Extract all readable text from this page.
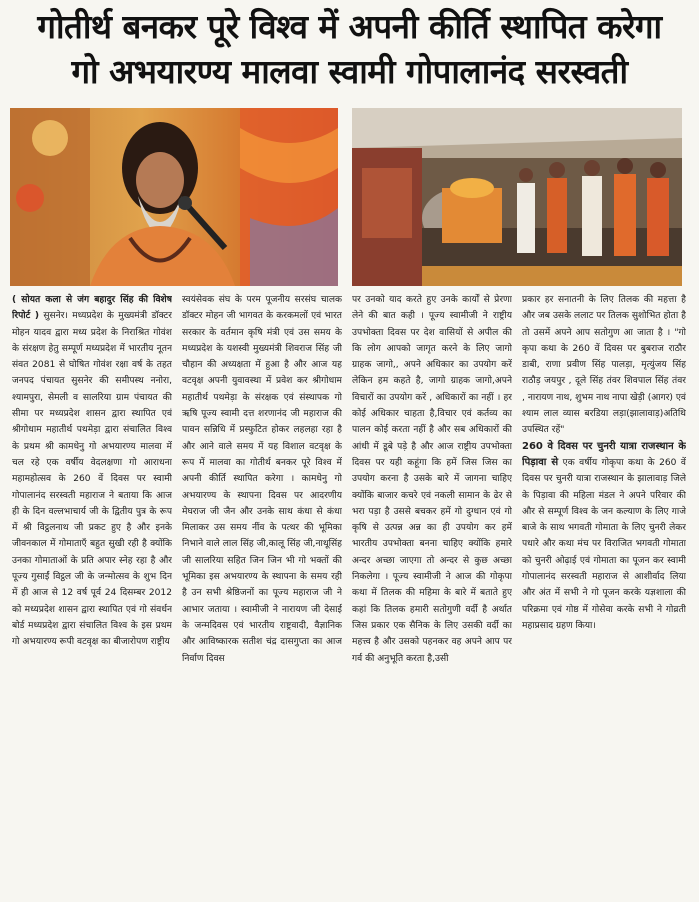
गोतीर्थ बनकर पूरे विश्व में अपनी कीर्ति स्थापित करेगा
गो अभयारण्य मालवा स्वामी गोपालानंद सरस्वती

( सोयत कला से जंग बहादुर सिंह की विशेष रिपोर्ट ) सुसनेर। मध्यप्रदेश के मुख्यमंत्री डॉक्टर मोहन यादव द्वारा मध्य प्रदेश के निराश्रित गोवंश के संरक्षण हेतु सम्पूर्ण मध्यप्रदेश में भारतीय नूतन संवत 2081 से घोषित गोवंश रक्षा वर्ष के तहत जनपद पंचायत सुसनेर की समीपस्थ ननोरा, श्यामपुरा, सेमली व सालरिया ग्राम पंचायत की सीमा पर मध्यप्रदेश शासन द्वारा स्थापित एवं श्रीगोधाम महातीर्थ पथमेड़ा द्वारा संचालित विश्व के प्रथम श्री कामधेनु गो अभयारण्य मालवा में चल रहे एक वर्षीय वेदलक्षणा गो आराधना महामहोत्सव के 260 वें दिवस पर स्वामी गोपालानंद सरस्वती महाराज ने बताया कि आज ही के दिन वल्लभाचार्य जी के द्वितीय पुत्र के रूप में श्री विट्ठलनाथ जी प्रकट हुए है और इनके जीवनकाल में गोमाताएँ बहुत सुखी रही है क्योंकि उनका गोमाताओं के प्रति अपार स्नेह रहा है और पूज्य गुसाईं विट्ठल जी के जन्मोत्सव के शुभ दिन में ही आज से 12 वर्ष पूर्व 24 दिसम्बर 2012 को मध्यप्रदेश शासन द्वारा स्थापित एवं गो संवर्धन बोर्ड मध्यप्रदेश द्वारा संचालित विश्व के इस प्रथम गो अभयारण्य रूपी वटवृक्ष का बीजारोपण राष्ट्रीय

स्वयंसेवक संघ के परम पूजनीय सरसंघ चालक डॉक्टर मोहन जी भागवत के करकमलों एवं भारत सरकार के वर्तमान कृषि मंत्री एवं उस समय के मध्यप्रदेश के यशस्वी मुख्यमंत्री शिवराज सिंह जी चौहान की अध्यक्षता में हुआ है और आज यह वटवृक्ष अपनी युवावस्था में प्रवेश कर श्रीगोधाम महातीर्थ पथमेड़ा के संरक्षक एवं संस्थापक गो ऋषि पूज्य स्वामी दत्त शरणानंद जी महाराज की पावन सन्निधि में प्रस्फुटित होकर लहलहा रहा है और आने वाले समय में यह विशाल वटवृक्ष के रूप में मालवा का गोतीर्थ बनकर पूरे विश्व में अपनी कीर्ति स्थापित करेगा । कामधेनु गो अभयारण्य के स्थापना दिवस पर आदरणीय मेघराज जी जैन और उनके साथ कंधा से कंधा मिलाकर उस समय नींव के पत्थर की भूमिका निभाने वाले लाल सिंह जी,कालू सिंह जी,नाथूसिंह जी सालरिया सहित जिन जिन भी गो भक्तों की भूमिका इस अभयारण्य के स्थापना के समय रही है उन सभी श्रेष्ठिजनों का पूज्य महाराज जी ने आभार जताया । स्वामीजी ने नारायण जी देसाई के जन्मदिवस एवं भारतीय राष्ट्रवादी, वैज्ञानिक और आविष्कारक सतीश चंद्र दासगुप्ता का आज निर्वाण दिवस

पर उनको याद करते हुए उनके कार्यों से प्रेरणा लेने की बात कही । पूज्य स्वामीजी ने राष्ट्रीय उपभोक्ता दिवस पर देश वासियों से अपील की कि लोग आपको जागृत करने के लिए जागो ग्राहक जागो,, अपने अधिकार का उपयोग करें लेकिन हम कहते है, जागो ग्राहक जागो,अपने विचारों का उपयोग करें , अधिकारों का नहीं । हर कोई अधिकार चाहता है,विचार एवं कर्तव्य का पालन कोई करता नहीं है और सब अधिकारों की आंधी में डूबे पड़े है और आज राष्ट्रीय उपभोक्ता दिवस पर यही कहूंगा कि हमें जिस जिस का उपयोग करना है उसके बारे में जागना चाहिए क्योंकि बाजार कचरे एवं नकली सामान के ढेर से भरा पड़ा है उससे बचकर हमें गो दुग्धान एवं गो कृषि से उत्पन्न अन्न का ही उपयोग कर हमें भारतीय उपभोक्ता बनना चाहिए क्योंकि हमारे अन्दर अच्छा जाएगा तो अन्दर से कुछ अच्छा निकलेगा । पूज्य स्वामीजी ने आज की गोकृपा कथा में तिलक की महिमा के बारे में बताते हुए कहां कि तिलक हमारी सतोगुणी वर्दी है अर्थात जिस प्रकार एक सैनिक के लिए उसकी वर्दी का महत्त्व है और उसको पहनकर वह अपने आप पर गर्व की अनुभूति करता है,उसी

प्रकार हर सनातनी के लिए तिलक की महत्ता है और जब उसके ललाट पर तिलक सुशोभित होता है तो उसमें अपने आप सतोगुण आ जाता है । "गो कृपा कथा के 260 वें दिवस पर बुबराज राठौर डाबी, राणा प्रवीण सिंह पालड़ा, मृत्युंजय सिंह राठौड़ जयपुर , दूले सिंह तंवर शिवपाल सिंह तंवर , नारायण नाथ, शुभम नाथ नापा खेड़ी (आगर) एवं श्याम लाल व्यास बरडिया लड़ा(झालावाड़)अतिथि उपस्थित रहें"

260 वे दिवस पर चुनरी यात्रा राजस्थान के पिड़ावा से एक वर्षीय गोकृपा कथा के 260 वें दिवस पर चुनरी यात्रा राजस्थान के झालावाड़ जिले के पिड़ावा की महिला मंडल ने अपने परिवार की और से सम्पूर्ण विश्व के जन कल्याण के लिए गाजे बाजे के साथ भगवती गोमाता के लिए चुनरी लेकर पधारे और कथा मंच पर विराजित भगवती गोमाता को चुनरी ओढ़ाई एवं गोमाता का पूजन कर स्वामी गोपालानंद सरस्वती महाराज से आशीर्वाद लिया और अंत में सभी ने गो पूजन करके यज्ञशाला की परिक्रमा एवं गोष्ठ में गोसेवा करके सभी ने गोव्रती महाप्रसाद ग्रहण किया।
